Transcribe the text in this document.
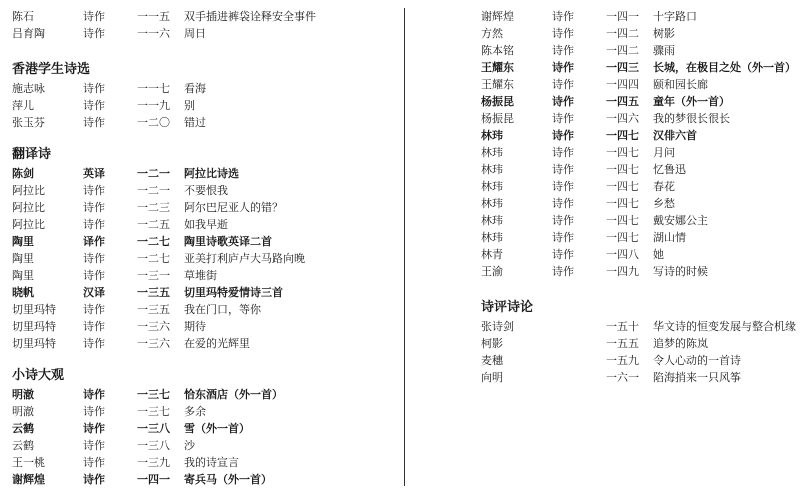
陈石	诗作	一一五 双手插进裤袋诠释安全事件
吕育陶	诗作	一一六 周日
香港学生诗选
施志咏	诗作	一一七 看海
萍儿	诗作	一一九 别
张玉芬	诗作	一二〇 错过
翻译诗
陈剑	英译	一二一 阿拉比诗选
阿拉比	诗作	一二一 不要恨我
阿拉比	诗作	一二三 阿尔巴尼亚人的错？
阿拉比	诗作	一二五 如我早逝
陶里	译作	一二七 陶里诗歌英译二首
陶里	诗作	一二七 亚美打利庐卢大马路向晚
陶里	诗作	一三一 草堆街
晓帆	汉译	一三五 切里玛特爱情诗三首
切里玛特 诗作	一三五 我在门口，等你
切里玛特 诗作	一三六 期待
切里玛特 诗作	一三六 在爱的光辉里
小诗大观
明澈	诗作	一三七 恰东酒店（外一首）
明澈	诗作	一三七 多余
云鹤	诗作	一三八 雪（外一首）
云鹤	诗作	一三八 沙
王一桃	诗作	一三九 我的诗宣言
谢辉煌	诗作	一四一 寄兵马（外一首）
谢辉煌	诗作	一四一 十字路口
方然	诗作	一四二 树影
陈本铭	诗作	一四二 骤雨
王耀东	诗作	一四三 长城，在极目之处（外一首）
王耀东	诗作	一四四 颐和园长廊
杨振昆	诗作	一四五 童年（外一首）
杨振昆	诗作	一四六 我的梦很长很长
林玮	诗作	一四七 汉俳六首
林玮	诗作	一四七 月问
林玮	诗作	一四七 忆鲁迅
林玮	诗作	一四七 春花
林玮	诗作	一四七 乡愁
林玮	诗作	一四七 戴安娜公主
林玮	诗作	一四七 湖山情
林青	诗作	一四八 她
王渝	诗作	一四九 写诗的时候
诗评诗论
张诗剑	一五十 华文诗的恒变发展与整合机缘
柯影	一五五 追梦的陈岚
麦穗	一五九 令人心动的一首诗
向明	一六一 陷海捎来一只风筝
